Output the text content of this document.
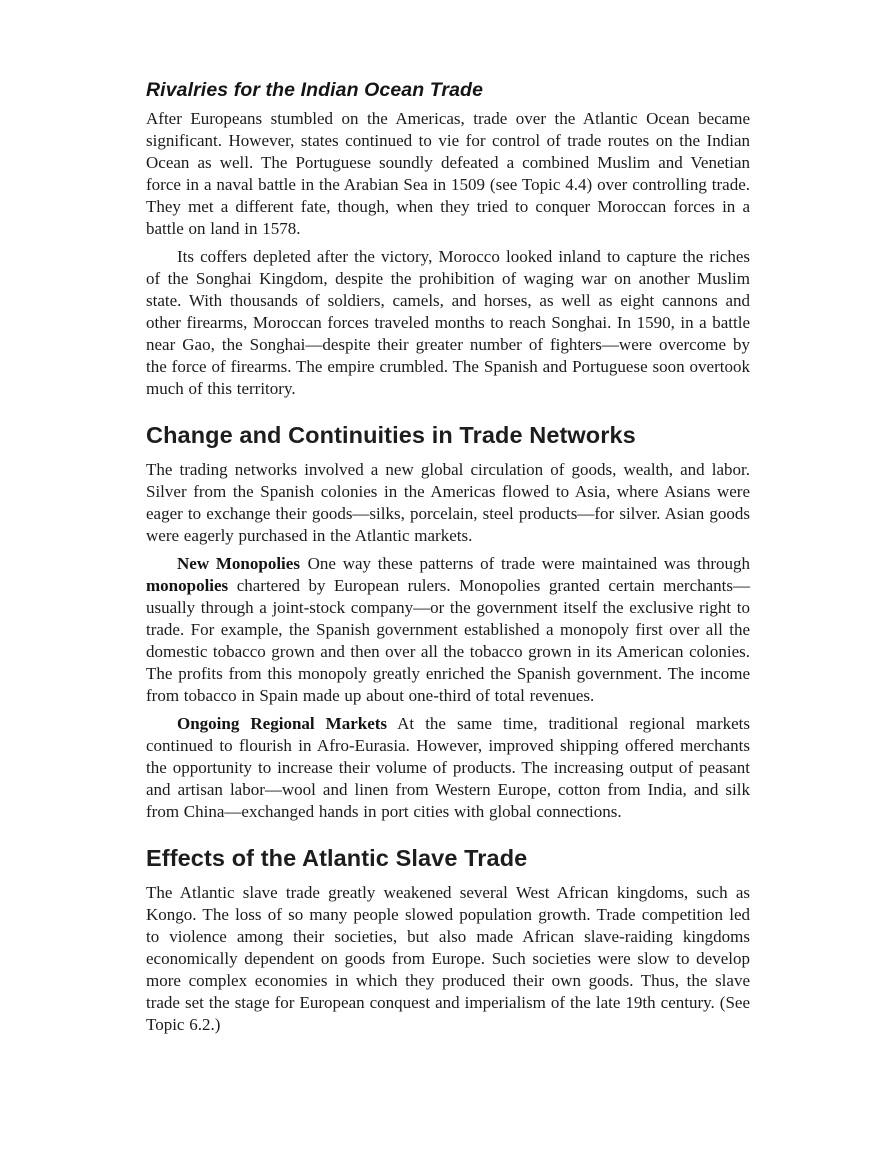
Rivalries for the Indian Ocean Trade

After Europeans stumbled on the Americas, trade over the Atlantic Ocean became significant. However, states continued to vie for control of trade routes on the Indian Ocean as well. The Portuguese soundly defeated a combined Muslim and Venetian force in a naval battle in the Arabian Sea in 1509 (see Topic 4.4) over controlling trade. They met a different fate, though, when they tried to conquer Moroccan forces in a battle on land in 1578.

Its coffers depleted after the victory, Morocco looked inland to capture the riches of the Songhai Kingdom, despite the prohibition of waging war on another Muslim state. With thousands of soldiers, camels, and horses, as well as eight cannons and other firearms, Moroccan forces traveled months to reach Songhai. In 1590, in a battle near Gao, the Songhai—despite their greater number of fighters—were overcome by the force of firearms. The empire crumbled. The Spanish and Portuguese soon overtook much of this territory.

Change and Continuities in Trade Networks

The trading networks involved a new global circulation of goods, wealth, and labor. Silver from the Spanish colonies in the Americas flowed to Asia, where Asians were eager to exchange their goods—silks, porcelain, steel products—for silver. Asian goods were eagerly purchased in the Atlantic markets.

New Monopolies One way these patterns of trade were maintained was through monopolies chartered by European rulers. Monopolies granted certain merchants—usually through a joint-stock company—or the government itself the exclusive right to trade. For example, the Spanish government established a monopoly first over all the domestic tobacco grown and then over all the tobacco grown in its American colonies. The profits from this monopoly greatly enriched the Spanish government. The income from tobacco in Spain made up about one-third of total revenues.

Ongoing Regional Markets At the same time, traditional regional markets continued to flourish in Afro-Eurasia. However, improved shipping offered merchants the opportunity to increase their volume of products. The increasing output of peasant and artisan labor—wool and linen from Western Europe, cotton from India, and silk from China—exchanged hands in port cities with global connections.

Effects of the Atlantic Slave Trade

The Atlantic slave trade greatly weakened several West African kingdoms, such as Kongo. The loss of so many people slowed population growth. Trade competition led to violence among their societies, but also made African slave-raiding kingdoms economically dependent on goods from Europe. Such societies were slow to develop more complex economies in which they produced their own goods. Thus, the slave trade set the stage for European conquest and imperialism of the late 19th century. (See Topic 6.2.)
